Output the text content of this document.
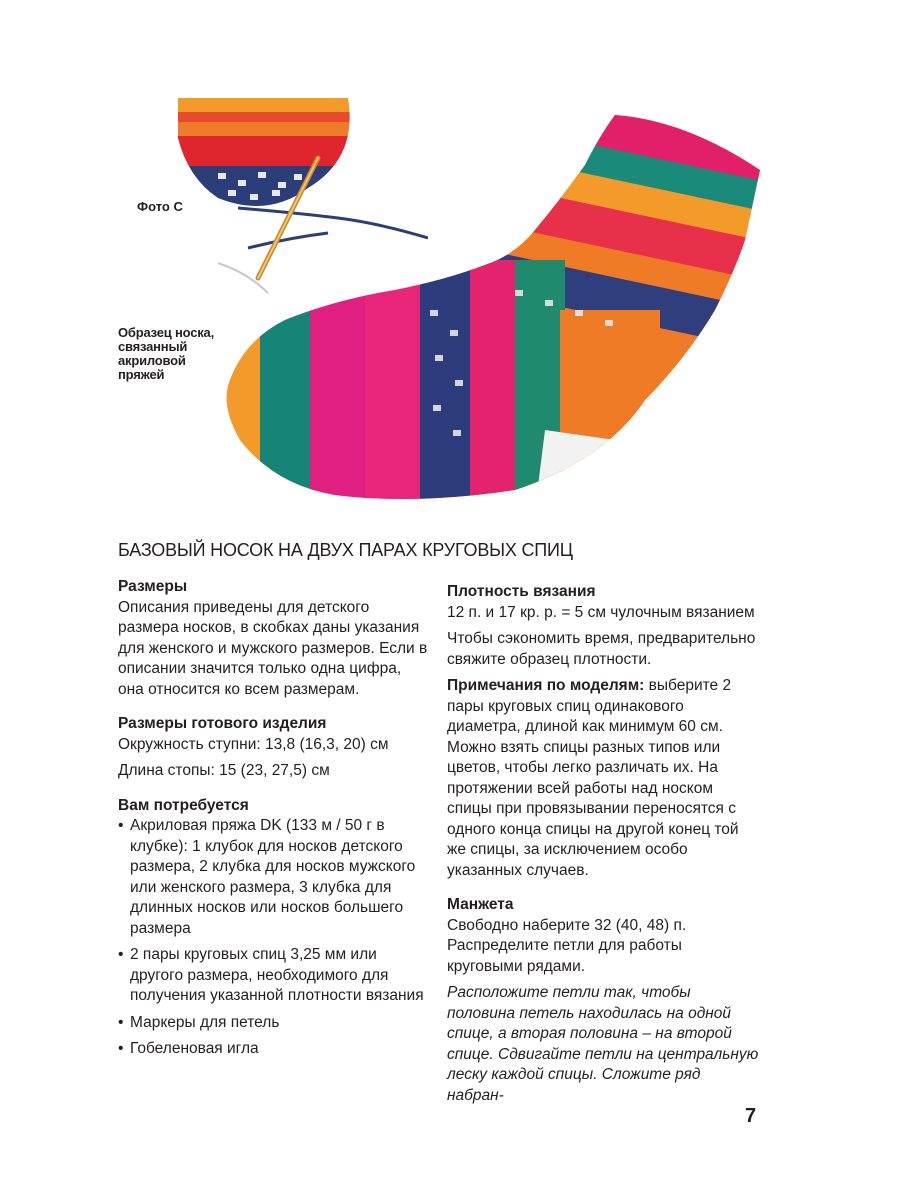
Фото C
Образец носка, связанный акриловой пряжей
БАЗОВЫЙ НОСОК НА ДВУХ ПАРАХ КРУГОВЫХ СПИЦ

Размеры

Описания приведены для детского размера носков, в скобках даны указания для женского и мужского размеров. Если в описании значится только одна цифра, она относится ко всем размерам.

Размеры готового изделия

Окружность ступни: 13,8 (16,3, 20) см

Длина стопы: 15 (23, 27,5) см

Вам потребуется

• Акриловая пряжа DK (133 м / 50 г в клубке): 1 клубок для носков детского размера, 2 клубка для носков мужского или женского размера, 3 клубка для длинных носков или носков большего размера
• 2 пары круговых спиц 3,25 мм или другого размера, необходимого для получения указанной плотности вязания
• Маркеры для петель
• Гобеленовая игла

Плотность вязания

12 п. и 17 кр. р. = 5 см чулочным вязанием

Чтобы сэкономить время, предварительно свяжите образец плотности.

Примечания по моделям: выберите 2 пары круговых спиц одинакового диаметра, длиной как минимум 60 см. Можно взять спицы разных типов или цветов, чтобы легко различать их. На протяжении всей работы над носком спицы при провязывании переносятся с одного конца спицы на другой конец той же спицы, за исключением особо указанных случаев.

Манжета

Свободно наберите 32 (40, 48) п. Распределите петли для работы круговыми рядами.

Расположите петли так, чтобы половина петель находилась на одной спице, а вторая половина – на второй спице. Сдвигайте петли на центральную леску каждой спицы. Сложите ряд набран-

7
